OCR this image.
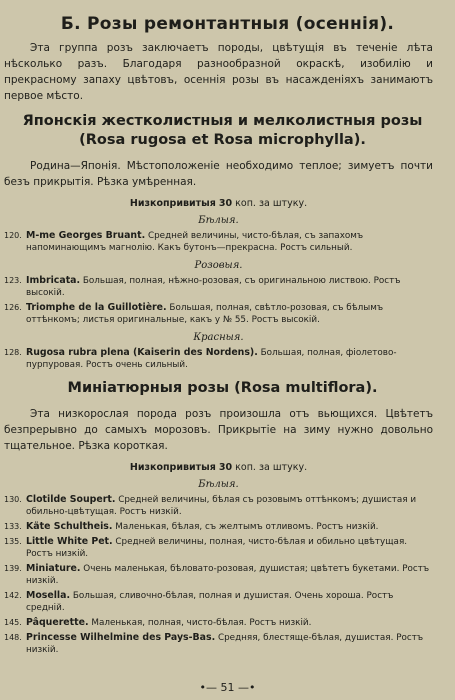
Б. Розы ремонтантныя (осеннія).

Эта группа розъ заключаетъ породы, цвѣтущія въ теченіе лѣта нѣсколько разъ. Благодаря разнообразной окраскѣ, изобилію и прекрасному запаху цвѣтовъ, осеннія розы въ насажденіяхъ занимаютъ первое мѣсто.

Японскія жестколистныя и мелколистныя розы
(Rosa rugosa et Rosa microphylla).

Родина—Японія. Мѣстоположеніе необходимо теплое; зимуетъ почти безъ прикрытія. Рѣзка умѣренная.

Низкопривитыя 30 коп. за штуку.
Бѣлыя.
120. M-me Georges Bruant. Средней величины, чисто-бѣлая, съ запахомъ напоминающимъ магнолію. Какъ бутонъ—прекрасна. Ростъ сильный.
Розовыя.
123. Imbricata. Большая, полная, нѣжно-розовая, съ оригинальною листвою. Ростъ высокій.
126. Triomphe de la Guillotière. Большая, полная, свѣтло-розовая, съ бѣлымъ оттѣнкомъ; листья оригинальные, какъ у № 55. Ростъ высокій.
Красныя.
128. Rugosa rubra plena (Kaiserin des Nordens). Большая, полная, фіолетово-пурпуровая. Ростъ очень сильный.
Миніатюрныя розы (Rosa multiflora).

Эта низкорослая порода розъ произошла отъ вьющихся. Цвѣтетъ безпрерывно до самыхъ морозовъ. Прикрытіе на зиму нужно довольно тщательное. Рѣзка короткая.

Низкопривитыя 30 коп. за штуку.
Бѣлыя.
130. Clotilde Soupert. Средней величины, бѣлая съ розовымъ оттѣнкомъ; душистая и обильно-цвѣтущая. Ростъ низкій.
133. Käte Schultheis. Маленькая, бѣлая, съ желтымъ отливомъ. Ростъ низкій.
135. Little White Pet. Средней величины, полная, чисто-бѣлая и обильно цвѣтущая. Ростъ низкій.
139. Miniature. Очень маленькая, бѣловато-розовая, душистая; цвѣтетъ букетами. Ростъ низкій.
142. Mosella. Большая, сливочно-бѣлая, полная и душистая. Очень хороша. Ростъ средній.
145. Pâquerette. Маленькая, полная, чисто-бѣлая. Ростъ низкій.
148. Princesse Wilhelmine des Pays-Bas. Средняя, блестяще-бѣлая, душистая. Ростъ низкій.
•— 51 —•
